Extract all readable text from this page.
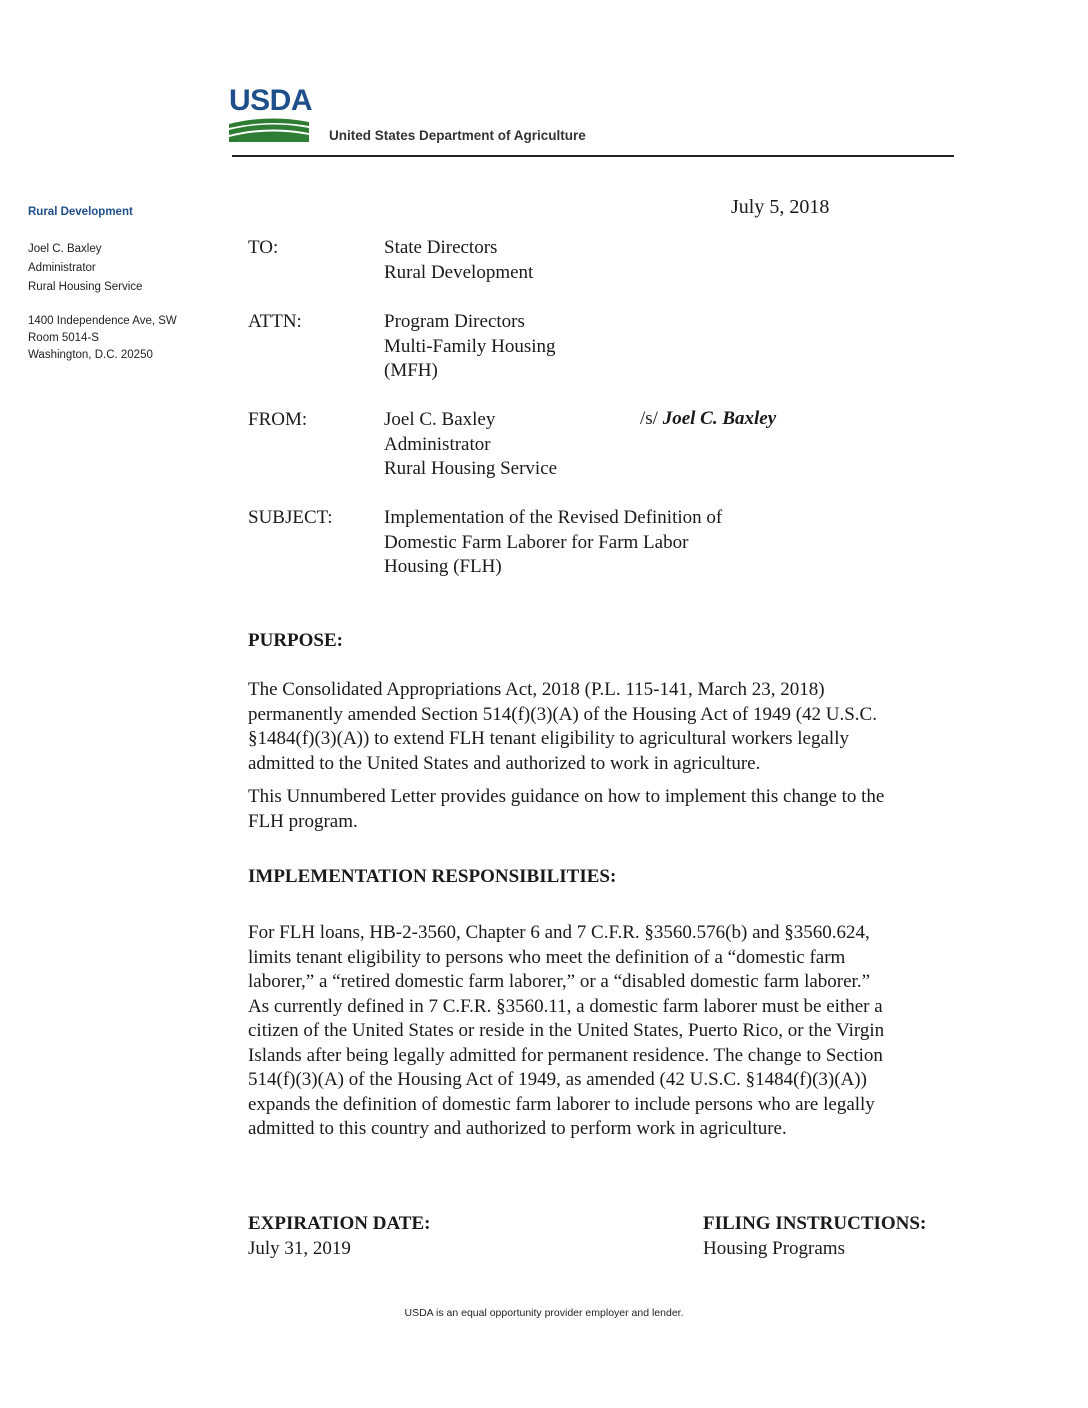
USDA
United States Department of Agriculture
Rural Development
Joel C. Baxley
Administrator
Rural Housing Service
1400 Independence Ave, SW
Room 5014-S
Washington, D.C. 20250
July 5, 2018
TO:	State Directors
Rural Development
ATTN:	Program Directors
Multi-Family Housing
(MFH)
FROM:	Joel C. Baxley
Administrator
Rural Housing Service
/s/ Joel C. Baxley
SUBJECT:	Implementation of the Revised Definition of
Domestic Farm Laborer for Farm Labor
Housing (FLH)
PURPOSE:
The Consolidated Appropriations Act, 2018 (P.L. 115-141, March 23, 2018)
permanently amended Section 514(f)(3)(A) of the Housing Act of 1949 (42 U.S.C.
§1484(f)(3)(A)) to extend FLH tenant eligibility to agricultural workers legally
admitted to the United States and authorized to work in agriculture.
This Unnumbered Letter provides guidance on how to implement this change to the
FLH program.
IMPLEMENTATION RESPONSIBILITIES:
For FLH loans, HB-2-3560, Chapter 6 and 7 C.F.R. §3560.576(b) and §3560.624,
limits tenant eligibility to persons who meet the definition of a “domestic farm
laborer,” a “retired domestic farm laborer,” or a “disabled domestic farm laborer.”
As currently defined in 7 C.F.R. §3560.11, a domestic farm laborer must be either a
citizen of the United States or reside in the United States, Puerto Rico, or the Virgin
Islands after being legally admitted for permanent residence. The change to Section
514(f)(3)(A) of the Housing Act of 1949, as amended (42 U.S.C. §1484(f)(3)(A))
expands the definition of domestic farm laborer to include persons who are legally
admitted to this country and authorized to perform work in agriculture.
EXPIRATION DATE:
July 31, 2019
FILING INSTRUCTIONS:
Housing Programs
USDA is an equal opportunity provider employer and lender.
